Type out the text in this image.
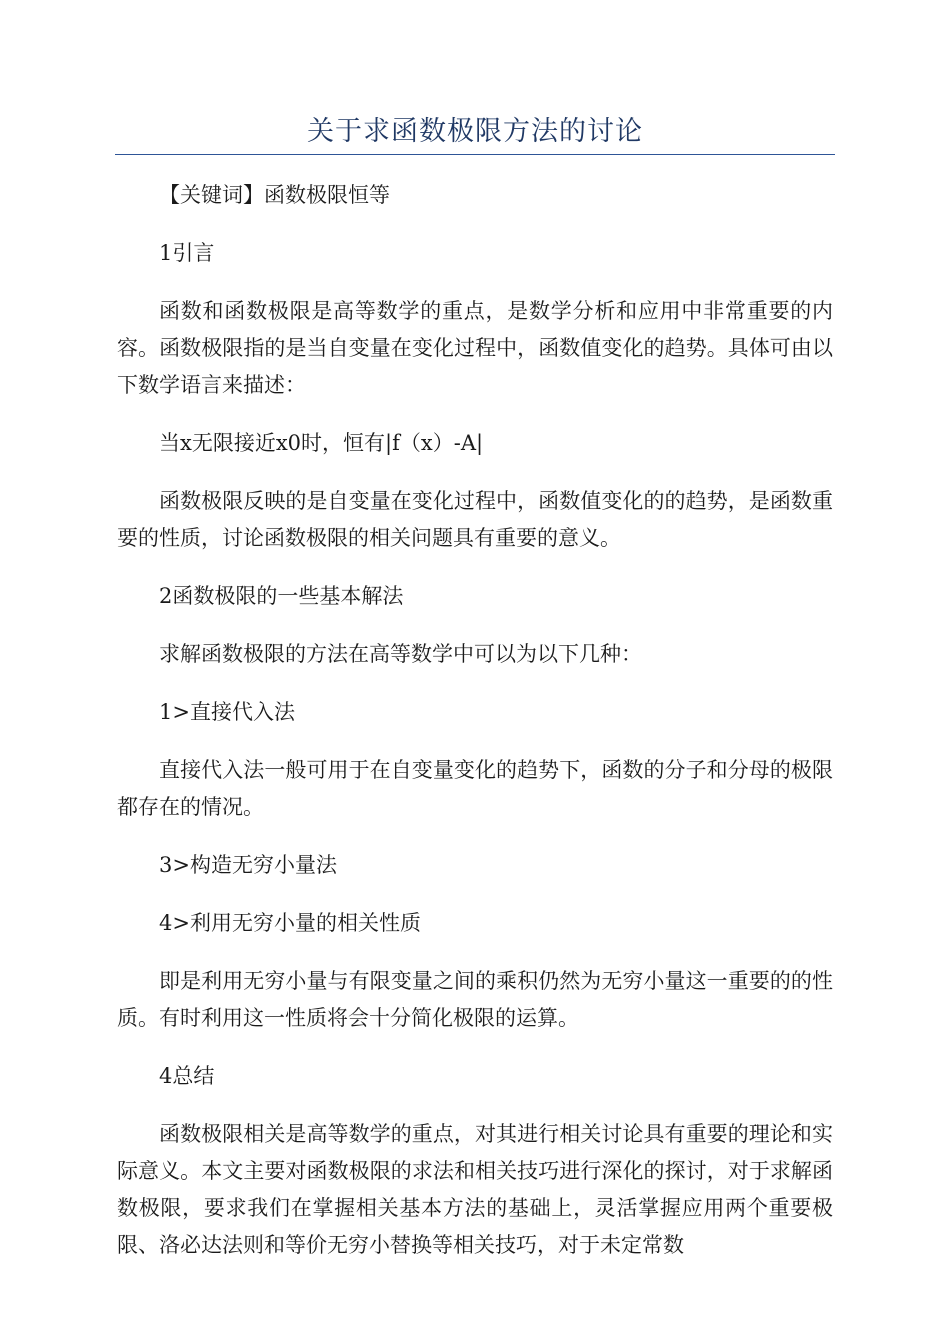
关于求函数极限方法的讨论

【关键词】函数极限恒等

1引言

函数和函数极限是高等数学的重点，是数学分析和应用中非常重要的内容。函数极限指的是当自变量在变化过程中，函数值变化的趋势。具体可由以下数学语言来描述：

当x无限接近x0时，恒有|f（x）-A|

函数极限反映的是自变量在变化过程中，函数值变化的的趋势，是函数重要的性质，讨论函数极限的相关问题具有重要的意义。

2函数极限的一些基本解法

求解函数极限的方法在高等数学中可以为以下几种：

1>直接代入法

直接代入法一般可用于在自变量变化的趋势下，函数的分子和分母的极限都存在的情况。

3>构造无穷小量法

4>利用无穷小量的相关性质

即是利用无穷小量与有限变量之间的乘积仍然为无穷小量这一重要的的性质。有时利用这一性质将会十分简化极限的运算。

4总结

函数极限相关是高等数学的重点，对其进行相关讨论具有重要的理论和实际意义。本文主要对函数极限的求法和相关技巧进行深化的探讨，对于求解函数极限，要求我们在掌握相关基本方法的基础上，灵活掌握应用两个重要极限、洛必达法则和等价无穷小替换等相关技巧，对于未定常数
